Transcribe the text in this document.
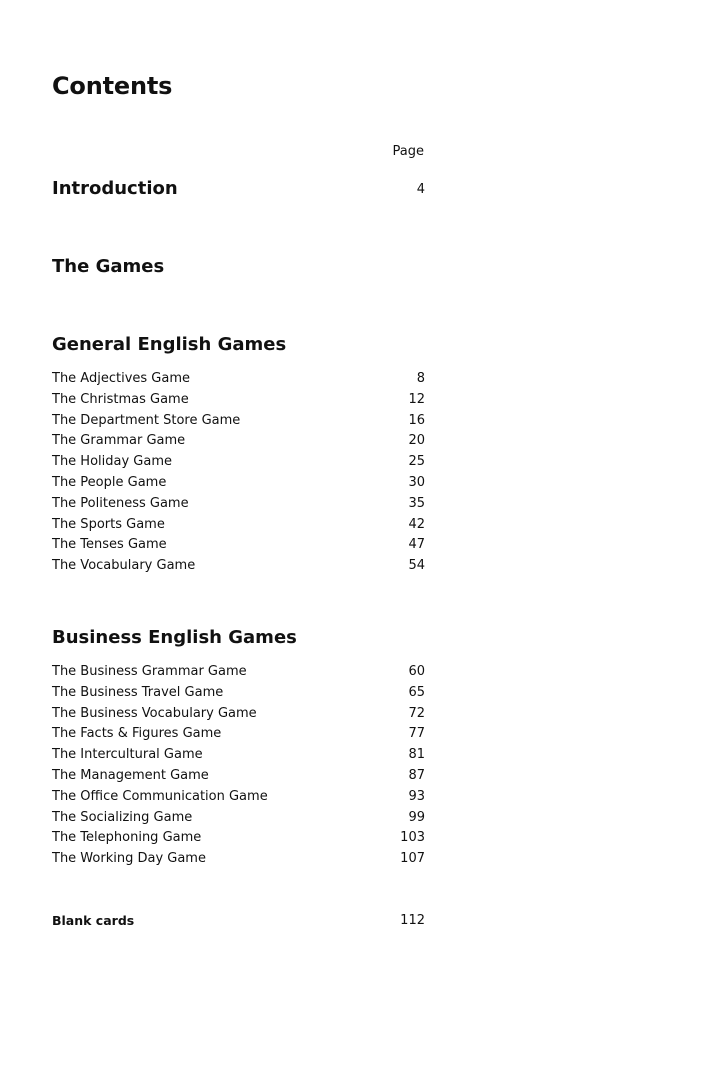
Contents
Page
Introduction	4
The Games
General English Games
The Adjectives Game	8
The Christmas Game	12
The Department Store Game	16
The Grammar Game	20
The Holiday Game	25
The People Game	30
The Politeness Game	35
The Sports Game	42
The Tenses Game	47
The Vocabulary Game	54
Business English Games
The Business Grammar Game	60
The Business Travel Game	65
The Business Vocabulary Game	72
The Facts & Figures Game	77
The Intercultural Game	81
The Management Game	87
The Office Communication Game	93
The Socializing Game	99
The Telephoning Game	103
The Working Day Game	107
Blank cards	112
